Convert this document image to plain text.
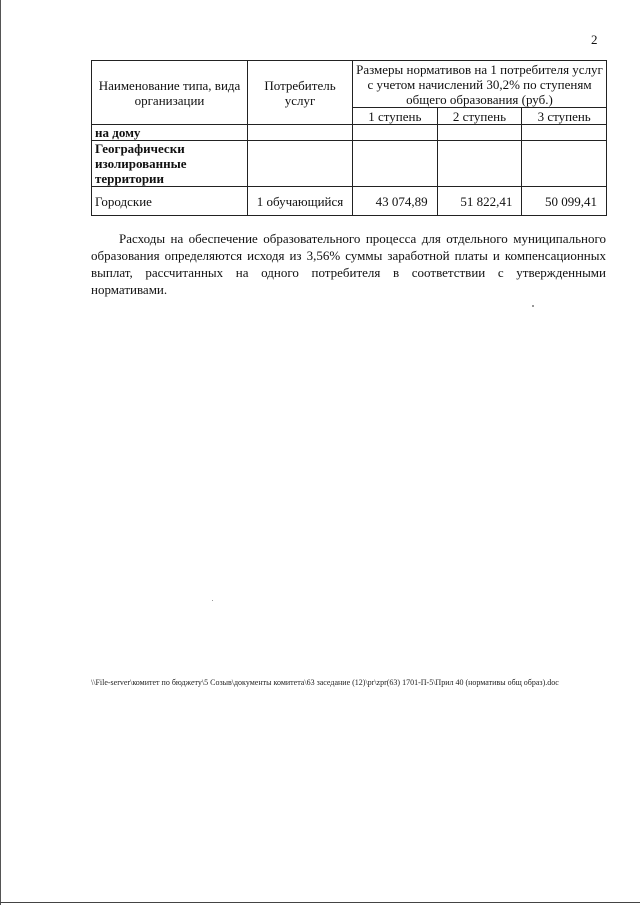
2
Наименование типа, вида организации	Потребитель услуг	Размеры нормативов на 1 потребителя услуг с учетом начислений 30,2% по ступеням общего образования (руб.)		
		1 ступень	2 ступень	3 ступень
на дому				
Географически изолированные территории				
Городские	1 обучающийся	43 074,89	51 822,41	50 099,41

Расходы на обеспечение образовательного процесса для отдельного муниципального образования определяются исходя из 3,56% суммы заработной платы и компенсационных выплат, рассчитанных на одного потребителя в соответствии с утвержденными нормативами.

\\File-server\комитет по бюджету\5 Созыв\документы комитета\63 заседание (12)\pr\zpr(63) 1701-П-5\Прил 40 (нормативы общ образ).doc
